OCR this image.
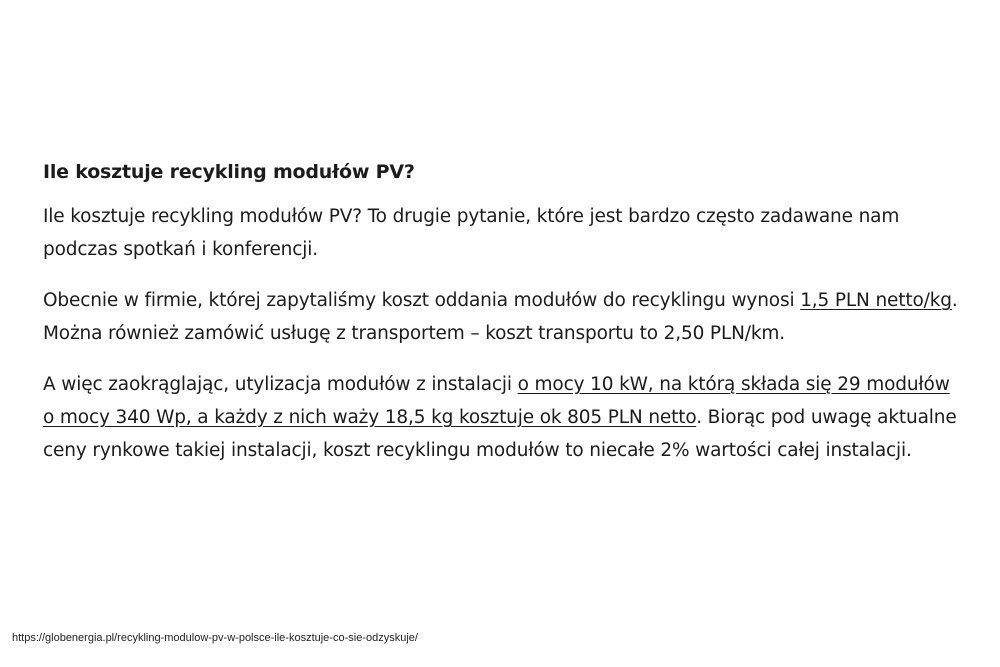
Ile kosztuje recykling modułów PV?

Ile kosztuje recykling modułów PV? To drugie pytanie, które jest bardzo często zadawane nam podczas spotkań i konferencji.

Obecnie w firmie, której zapytaliśmy koszt oddania modułów do recyklingu wynosi 1,5 PLN netto/kg. Można również zamówić usługę z transportem – koszt transportu to 2,50 PLN/km.

A więc zaokrąglając, utylizacja modułów z instalacji o mocy 10 kW, na którą składa się 29 modułów o mocy 340 Wp, a każdy z nich waży 18,5 kg kosztuje ok 805 PLN netto. Biorąc pod uwagę aktualne ceny rynkowe takiej instalacji, koszt recyklingu modułów to niecałe 2% wartości całej instalacji.

https://globenergia.pl/recykling-modulow-pv-w-polsce-ile-kosztuje-co-sie-odzyskuje/
